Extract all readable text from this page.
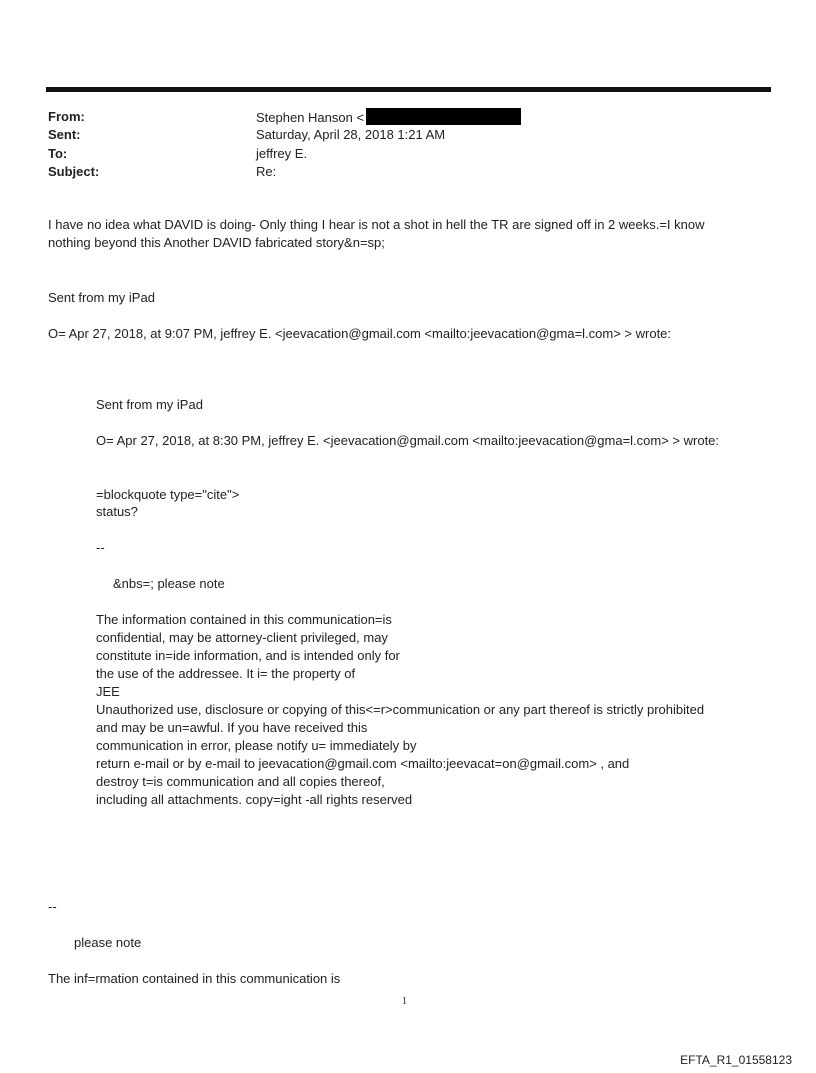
From:	Stephen Hanson <
Sent:	Saturday, April 28, 2018 1:21 AM
To:	jeffrey E.
Subject:	Re:
I have no idea what DAVID is doing- Only thing I hear is not a shot in hell the TR are signed off in 2 weeks.=I know
nothing beyond this Another DAVID fabricated story&n=sp;
Sent from my iPad
O= Apr 27, 2018, at 9:07 PM, jeffrey E. <jeevacation@gmail.com <mailto:jeevacation@gma=l.com> > wrote:
Sent from my iPad
O= Apr 27, 2018, at 8:30 PM, jeffrey E. <jeevacation@gmail.com <mailto:jeevacation@gma=l.com> > wrote:
=blockquote type="cite">
status?
--
&nbs=; please note
The information contained in this communication=is
confidential, may be attorney-client privileged, may
constitute in=ide information, and is intended only for
the use of the addressee. It i= the property of
JEE
Unauthorized use, disclosure or copying of this<=r>communication or any part thereof is strictly prohibited
and may be un=awful. If you have received this
communication in error, please notify u= immediately by
return e-mail or by e-mail to jeevacation@gmail.com <mailto:jeevacat=on@gmail.com> , and
destroy t=is communication and all copies thereof,
including all attachments. copy=ight -all rights reserved
--
please note
The inf=rmation contained in this communication is
1
EFTA_R1_01558123
